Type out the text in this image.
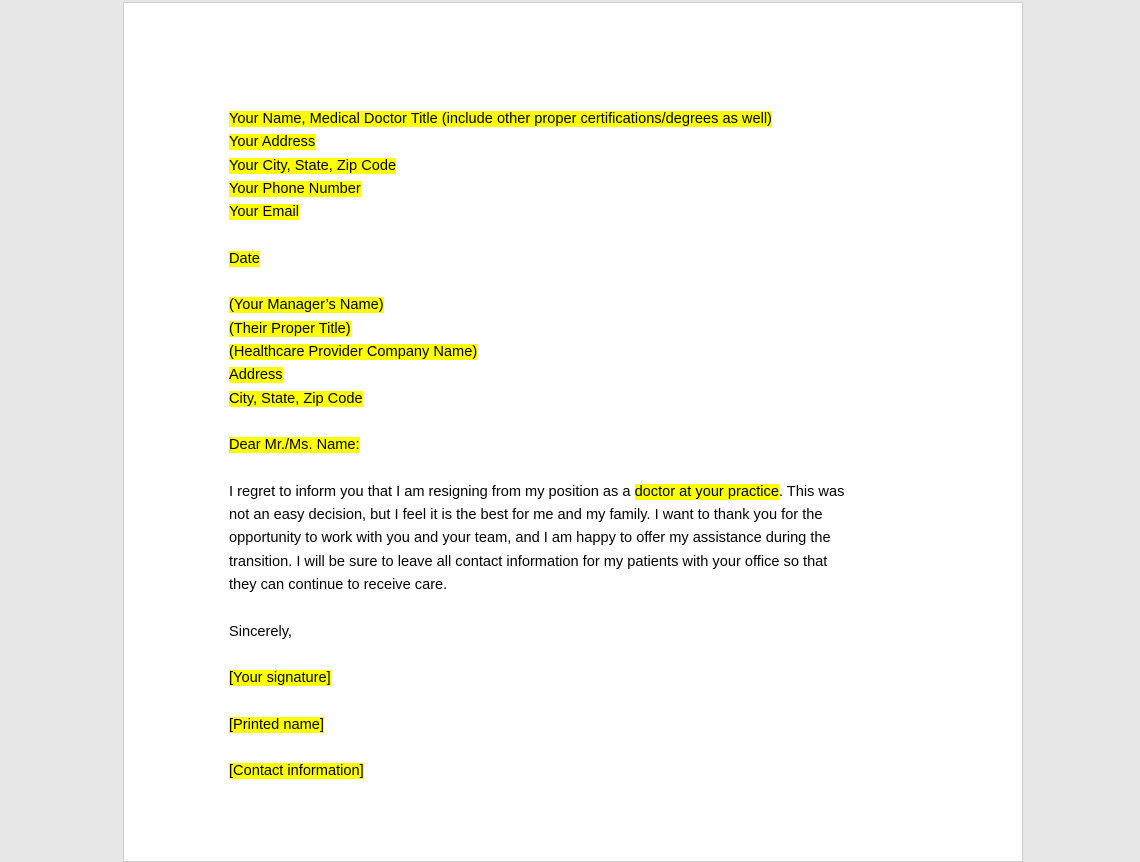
Your Name, Medical Doctor Title (include other proper certifications/degrees as well)
Your Address
Your City, State, Zip Code
Your Phone Number
Your Email
Date
(Your Manager’s Name)
(Their Proper Title)
(Healthcare Provider Company Name)
Address
City, State, Zip Code
Dear Mr./Ms. Name:
I regret to inform you that I am resigning from my position as a doctor at your practice. This was
not an easy decision, but I feel it is the best for me and my family. I want to thank you for the
opportunity to work with you and your team, and I am happy to offer my assistance during the
transition. I will be sure to leave all contact information for my patients with your office so that
they can continue to receive care.
Sincerely,
[Your signature]
[Printed name]
[Contact information]
